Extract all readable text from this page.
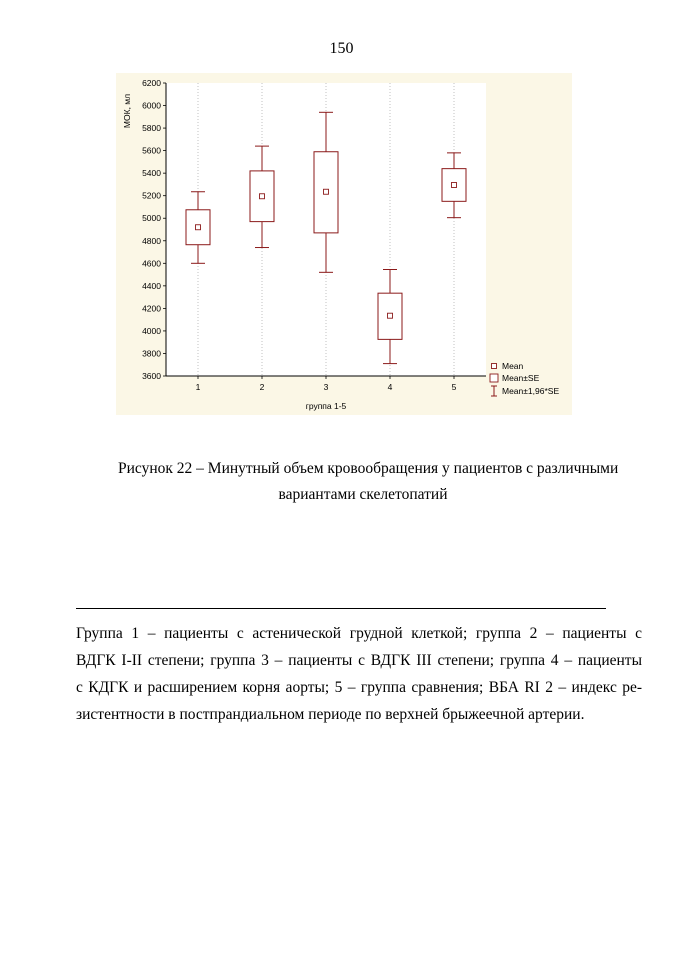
150
3600
3800
4000
4200
4400
4600
4800
5000
5200
5400
5600
5800
6000
6200
1	2	3	4	5
МОК, мл
группа 1-5
Mean
Mean±SE
Mean±1,96*SE
Рисунок 22 – Минутный объем кровообращения у пациентов с различными
вариантами скелетопатий
Группа 1 – пациенты с астенической грудной клеткой; группа 2 – пациенты с
ВДГК I-II степени; группа 3 – пациенты с ВДГК III степени; группа 4 – пациенты
с КДГК и расширением корня аорты; 5 – группа сравнения; ВБА RI 2 – индекс ре-
зистентности в постпрандиальном периоде по верхней брыжеечной артерии.
